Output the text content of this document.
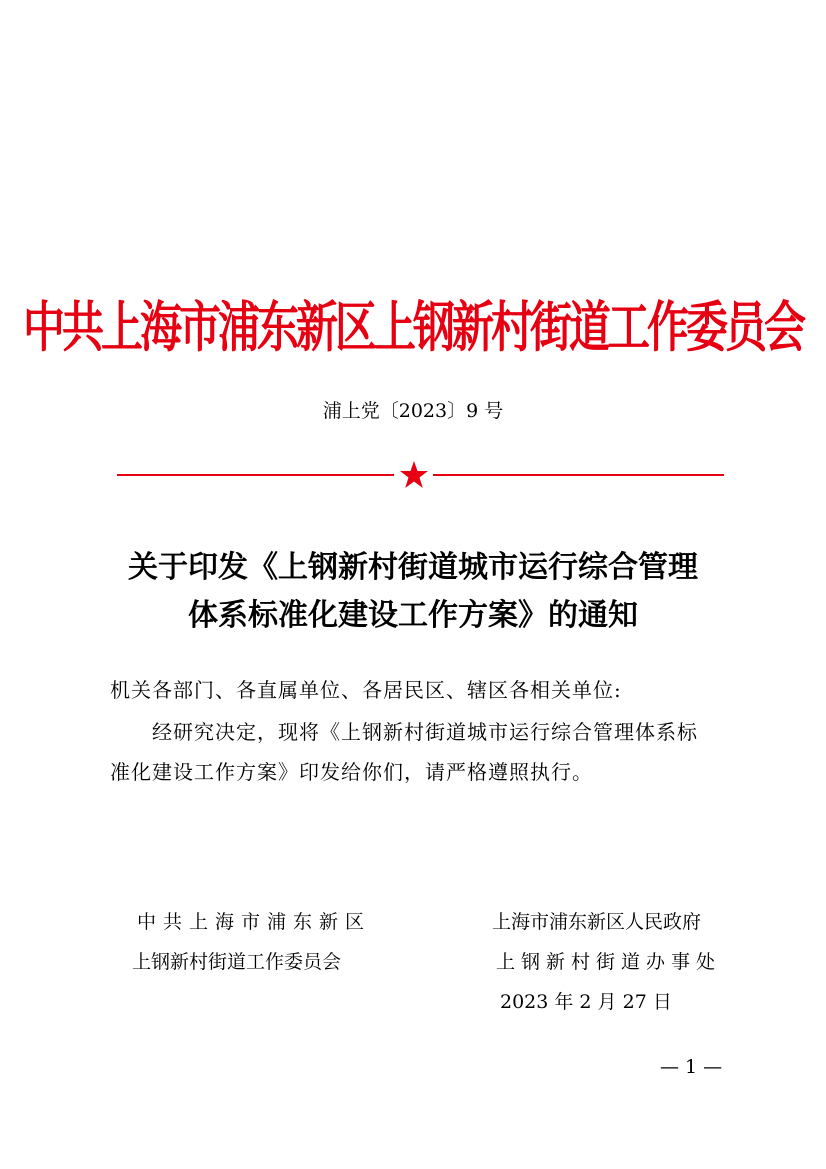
中共上海市浦东新区上钢新村街道工作委员会
浦上党〔2023〕9 号
关于印发《上钢新村街道城市运行综合管理
体系标准化建设工作方案》的通知
机关各部门、各直属单位、各居民区、辖区各相关单位:
经研究决定，现将《上钢新村街道城市运行综合管理体系标
准化建设工作方案》印发给你们，请严格遵照执行。
中共上海市浦东新区
上钢新村街道工作委员会
上海市浦东新区人民政府
上钢新村街道办事处
2023 年 2 月 27 日
— 1 —
